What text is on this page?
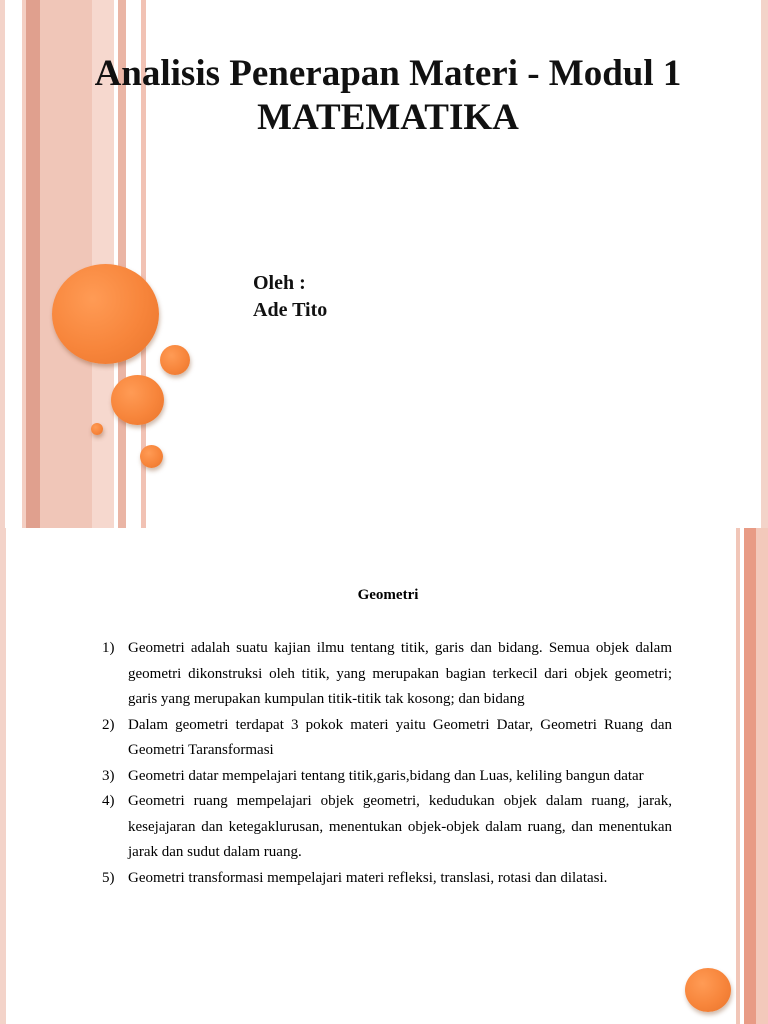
Analisis Penerapan Materi - Modul 1
MATEMATIKA
Oleh :
Ade Tito
Geometri
1) Geometri adalah suatu kajian ilmu tentang titik, garis dan bidang. Semua objek dalam geometri dikonstruksi oleh titik, yang merupakan bagian terkecil dari objek geometri; garis yang merupakan kumpulan titik-titik tak kosong; dan bidang
2) Dalam geometri terdapat 3 pokok materi yaitu Geometri Datar, Geometri Ruang dan Geometri Taransformasi
3) Geometri datar mempelajari tentang titik,garis,bidang dan Luas, keliling bangun datar
4) Geometri ruang mempelajari objek geometri, kedudukan objek dalam ruang, jarak, kesejajaran dan ketegaklurusan, menentukan objek-objek dalam ruang, dan menentukan jarak dan sudut dalam ruang.
5) Geometri transformasi mempelajari materi refleksi, translasi, rotasi dan dilatasi.
